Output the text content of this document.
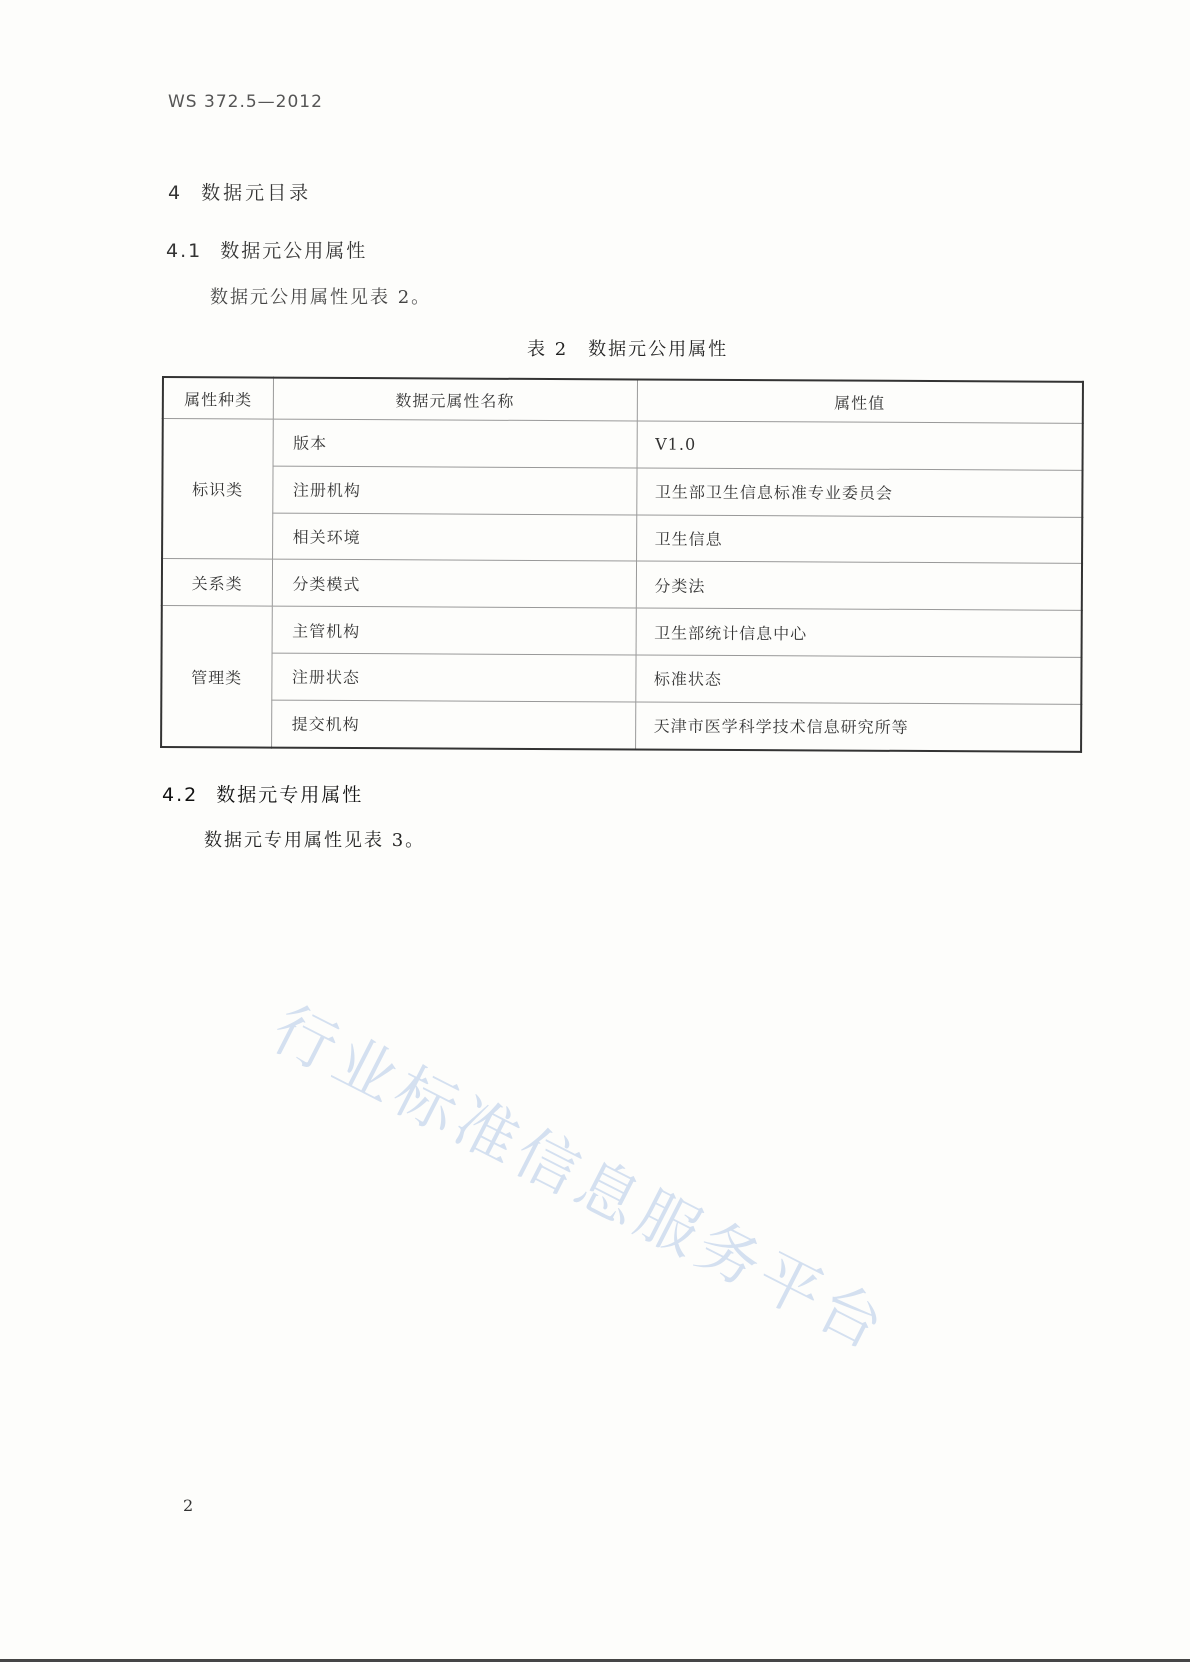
WS 372.5—2012
4 数据元目录
4.1 数据元公用属性
数据元公用属性见表 2。
表 2　数据元公用属性
属性种类	数据元属性名称	属性值
标识类	版本	V1.0
	注册机构	卫生部卫生信息标准专业委员会
	相关环境	卫生信息
关系类	分类模式	分类法
管理类	主管机构	卫生部统计信息中心
	注册状态	标准状态
	提交机构	天津市医学科学技术信息研究所等
4.2 数据元专用属性
数据元专用属性见表 3。
行业标准信息服务平台
2
